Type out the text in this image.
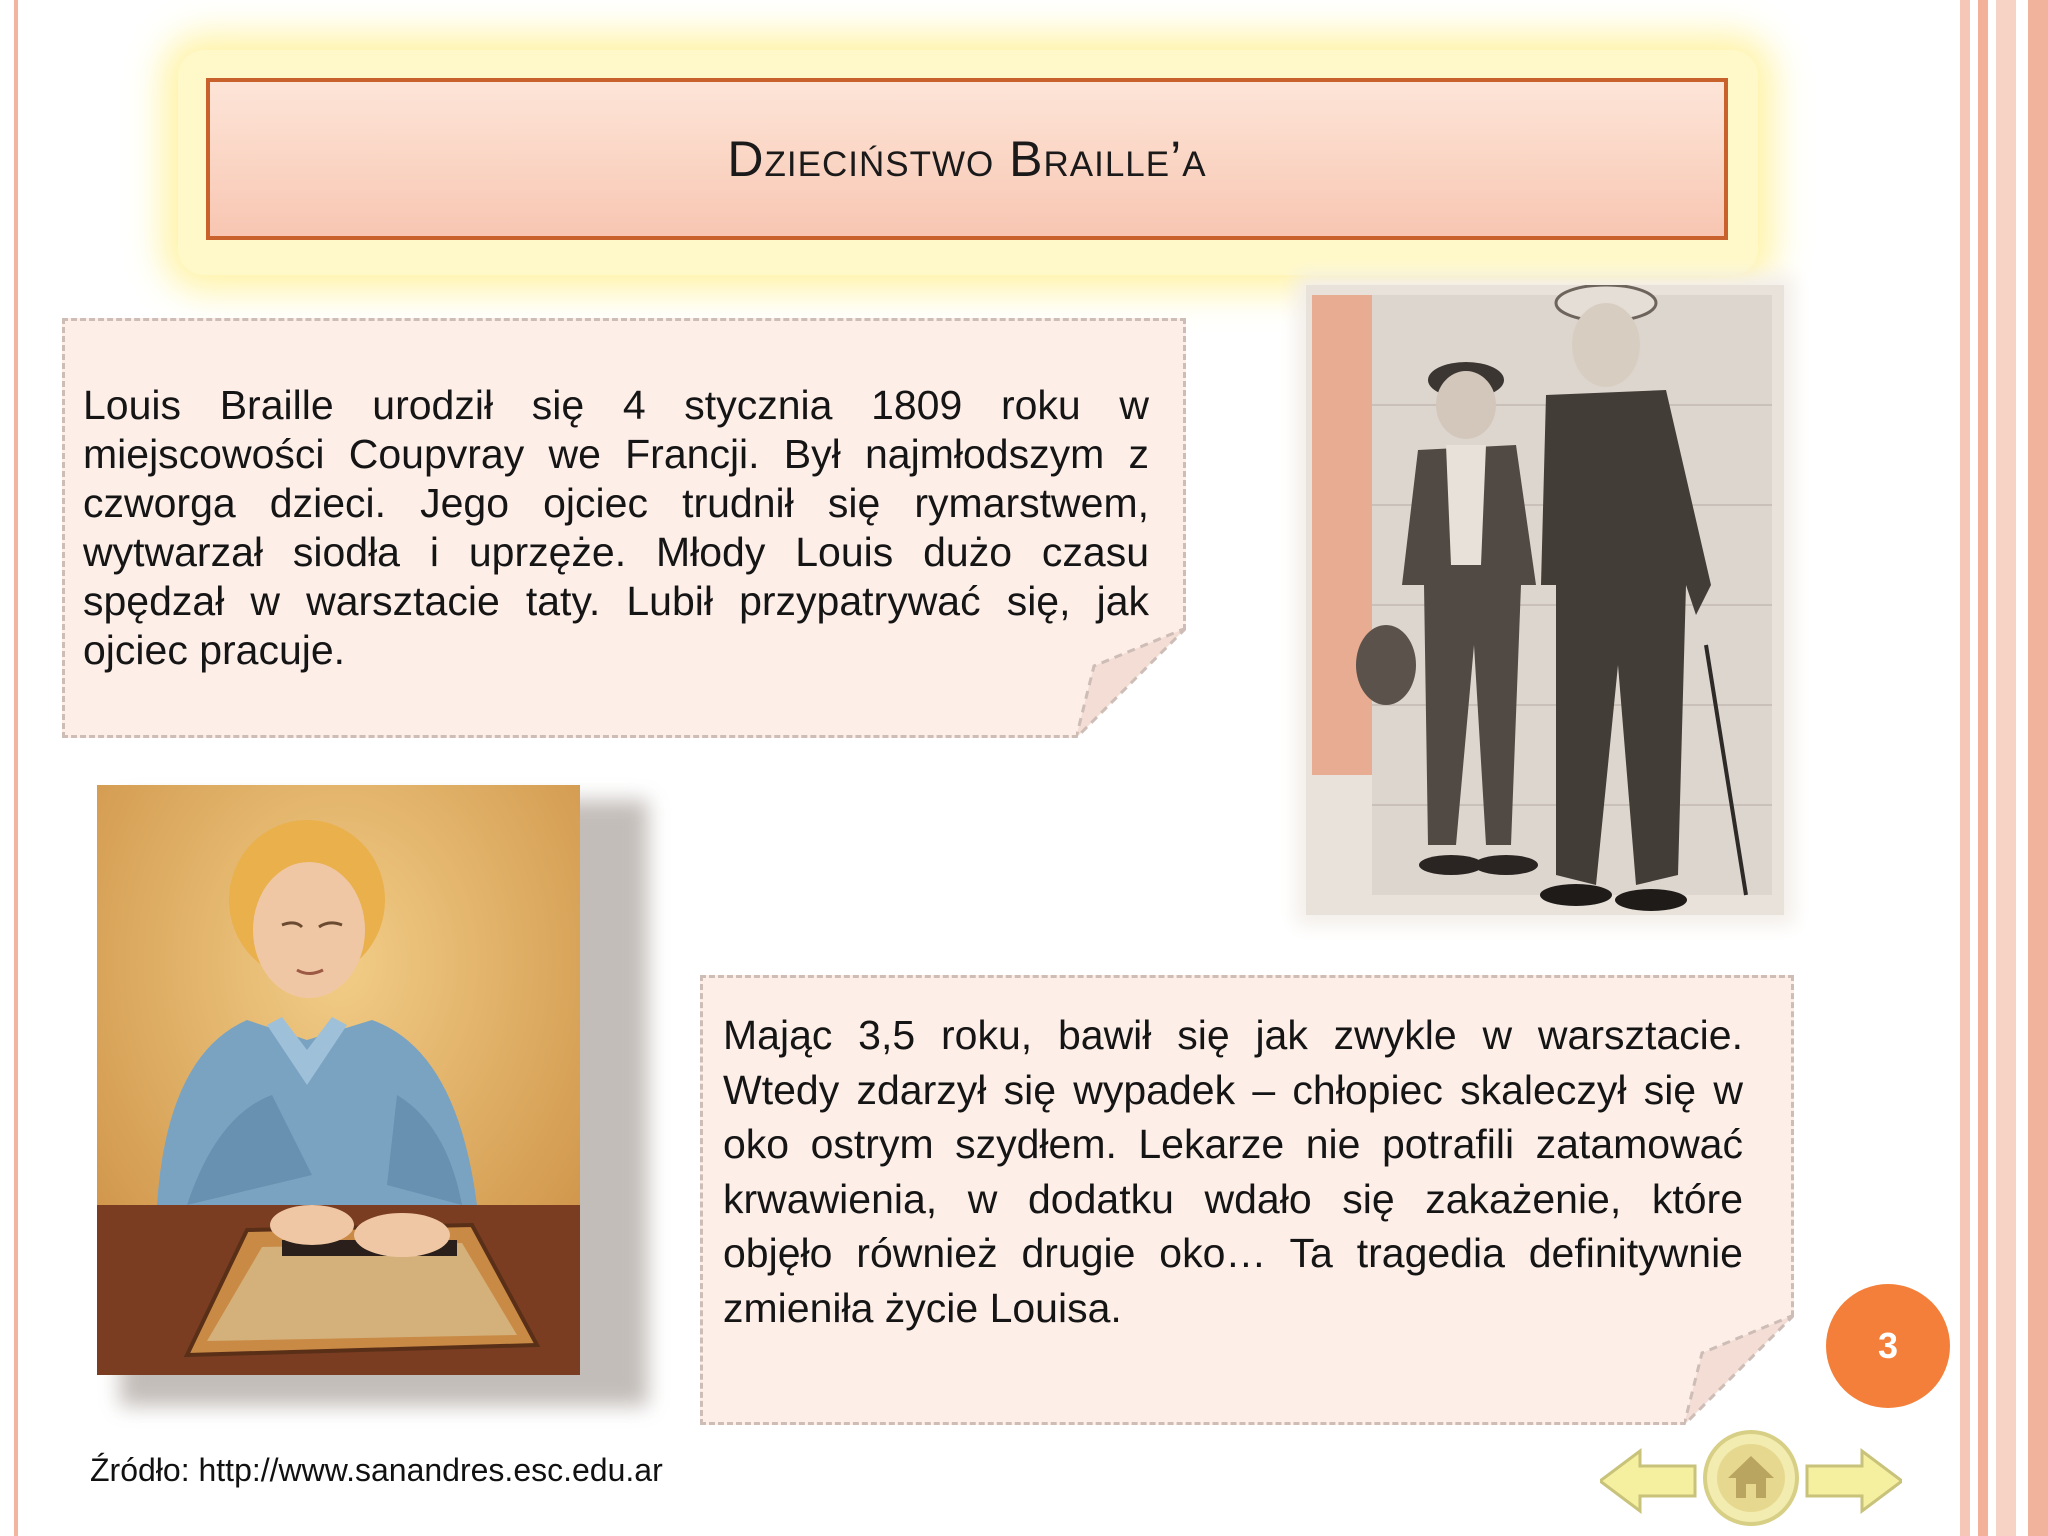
Dzieciństwo Braille’a

Louis Braille urodził się 4 stycznia 1809 roku w miejscowości Coupvray we Francji. Był najmłodszym z czworga dzieci. Jego ojciec trudnił się rymarstwem, wytwarzał siodła i uprzęże. Młody Louis dużo czasu spędzał w warsztacie taty. Lubił przypatrywać się, jak ojciec pracuje.

Mając 3,5 roku, bawił się jak zwykle w warsztacie. Wtedy zdarzył się wypadek – chłopiec skaleczył się w oko ostrym szydłem. Lekarze nie potrafili zatamować krwawienia, w dodatku wdało się zakażenie, które objęło również drugie oko… Ta tragedia definitywnie zmieniła życie Louisa.

Źródło: http://www.sanandres.esc.edu.ar
3
